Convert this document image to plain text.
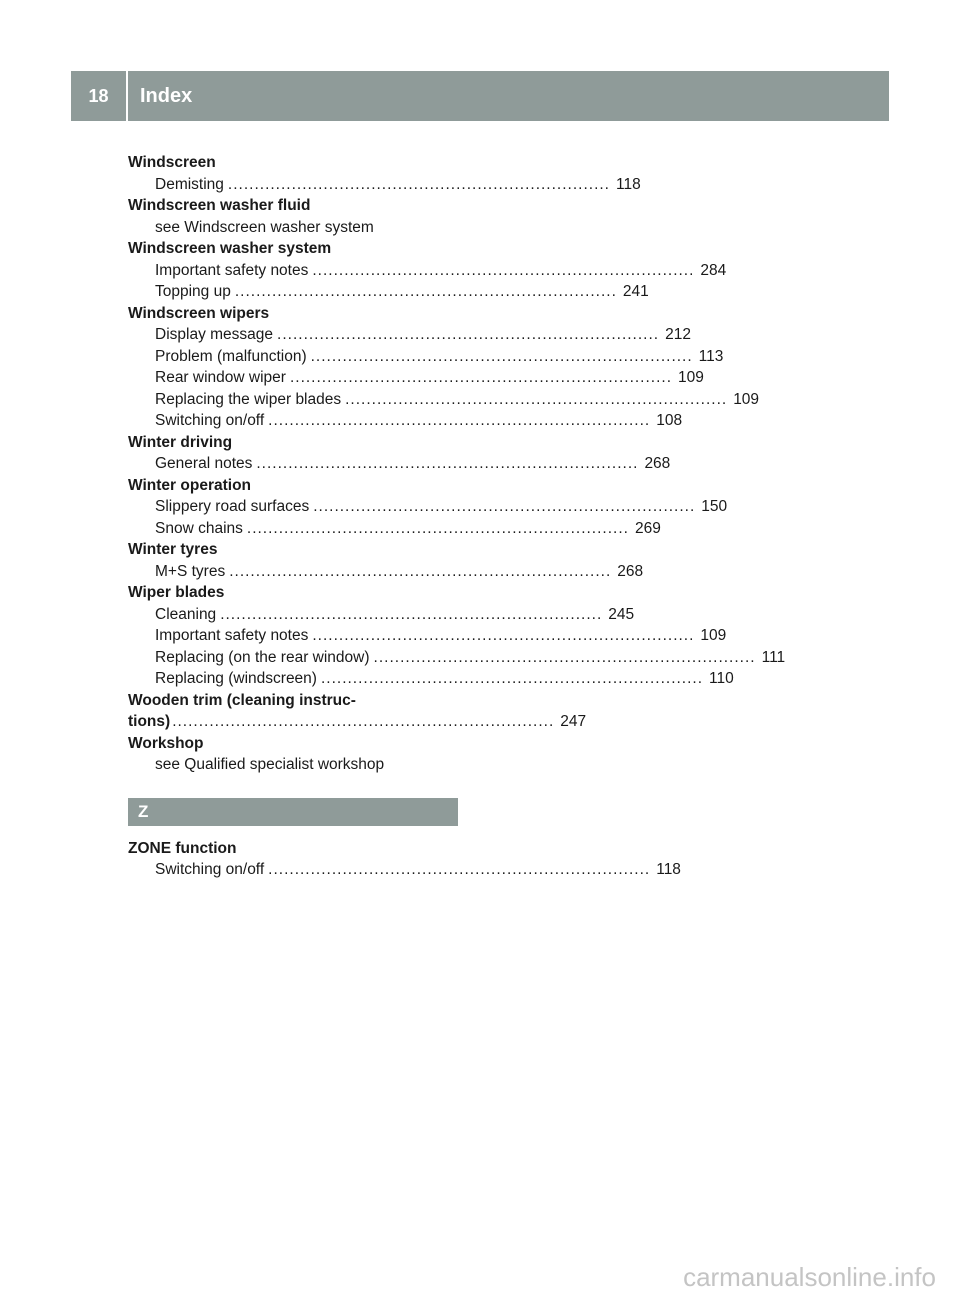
18	Index
Windscreen
Demisting ........................................................................ 118
Windscreen washer fluid
see Windscreen washer system
Windscreen washer system
Important safety notes ........................................................................ 284
Topping up ........................................................................ 241
Windscreen wipers
Display message ........................................................................ 212
Problem (malfunction) ........................................................................ 113
Rear window wiper ........................................................................ 109
Replacing the wiper blades ........................................................................ 109
Switching on/off ........................................................................ 108
Winter driving
General notes ........................................................................ 268
Winter operation
Slippery road surfaces ........................................................................ 150
Snow chains ........................................................................ 269
Winter tyres
M+S tyres ........................................................................ 268
Wiper blades
Cleaning ........................................................................ 245
Important safety notes ........................................................................ 109
Replacing (on the rear window) ........................................................................ 111
Replacing (windscreen) ........................................................................ 110
Wooden trim (cleaning instruc-
tions) ........................................................................ 247
Workshop
see Qualified specialist workshop
Z
ZONE function
Switching on/off ........................................................................ 118
carmanualsonline.info
